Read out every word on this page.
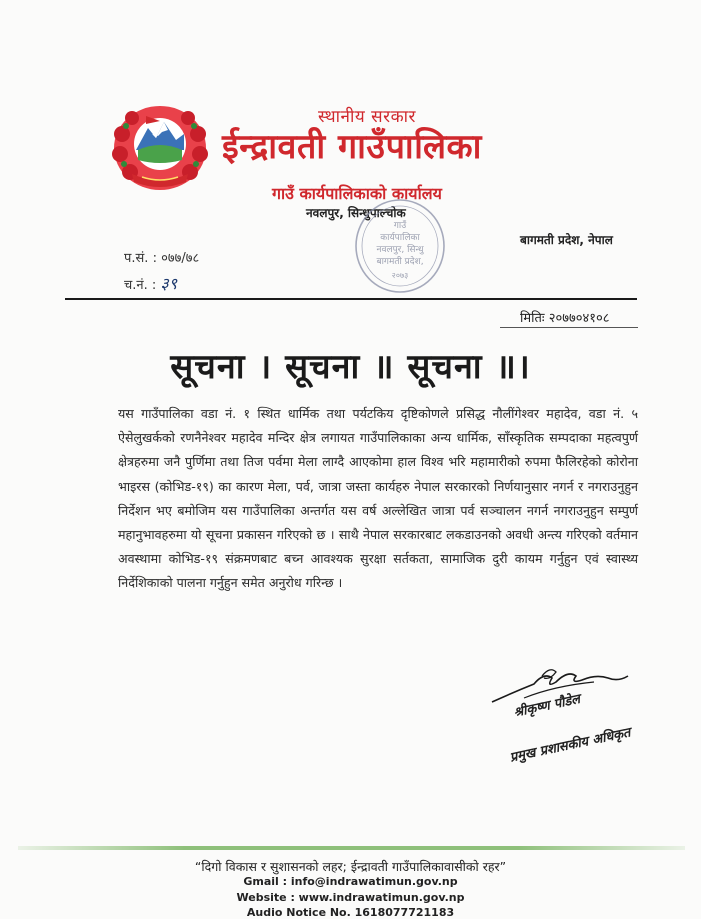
स्थानीय सरकार
ईन्द्रावती गाउँपालिका
गाउँ कार्यपालिकाको कार्यालय
नवलपुर, सिन्धुपाल्चोक
बागमती प्रदेश, नेपाल
गाउँ
कार्यपालिका
नवलपुर, सिन्धु
बागमती प्रदेश,
२०७३
प.सं. : ०७७/७८
च.नं. : ३९
मितिः २०७७०४१०८
सूचना । सूचना ॥ सूचना ॥।
यस गाउँपालिका वडा नं. १ स्थित धार्मिक तथा पर्यटकिय दृष्टिकोणले प्रसिद्ध नौलींगेश्वर महादेव, वडा नं. ५ ऐसेलुखर्कको रणनैनेश्वर महादेव मन्दिर क्षेत्र लगायत गाउँपालिकाका अन्य धार्मिक, साँस्कृतिक सम्पदाका महत्वपुर्ण क्षेत्रहरुमा जनै पुर्णिमा तथा तिज पर्वमा मेला लाग्दै आएकोमा हाल विश्व भरि महामारीको रुपमा फैलिरहेको कोरोना भाइरस (कोभिड-१९) का कारण मेला, पर्व, जात्रा जस्ता कार्यहरु नेपाल सरकारको निर्णयानुसार नगर्न र नगराउनुहुन निर्देशन भए बमोजिम यस गाउँपालिका अन्तर्गत यस वर्ष अल्लेखित जात्रा पर्व सञ्चालन नगर्न नगराउनुहुन सम्पुर्ण महानुभावहरुमा यो सूचना प्रकासन गरिएको छ । साथै नेपाल सरकारबाट लकडाउनको अवधी अन्त्य गरिएको वर्तमान अवस्थामा कोभिड-१९ संक्रमणबाट बच्न आवश्यक सुरक्षा सर्तकता, सामाजिक दुरी कायम गर्नुहुन एवं स्वास्थ्य निर्देशिकाको पालना गर्नुहुन समेत अनुरोध गरिन्छ ।
श्रीकृष्ण पौडेल
प्रमुख प्रशासकीय अधिकृत
“दिगो विकास र सुशासनको लहर; ईन्द्रावती गाउँपालिकावासीको रहर”
Gmail : info@indrawatimun.gov.np
Website : www.indrawatimun.gov.np
Audio Notice No. 1618077721183
